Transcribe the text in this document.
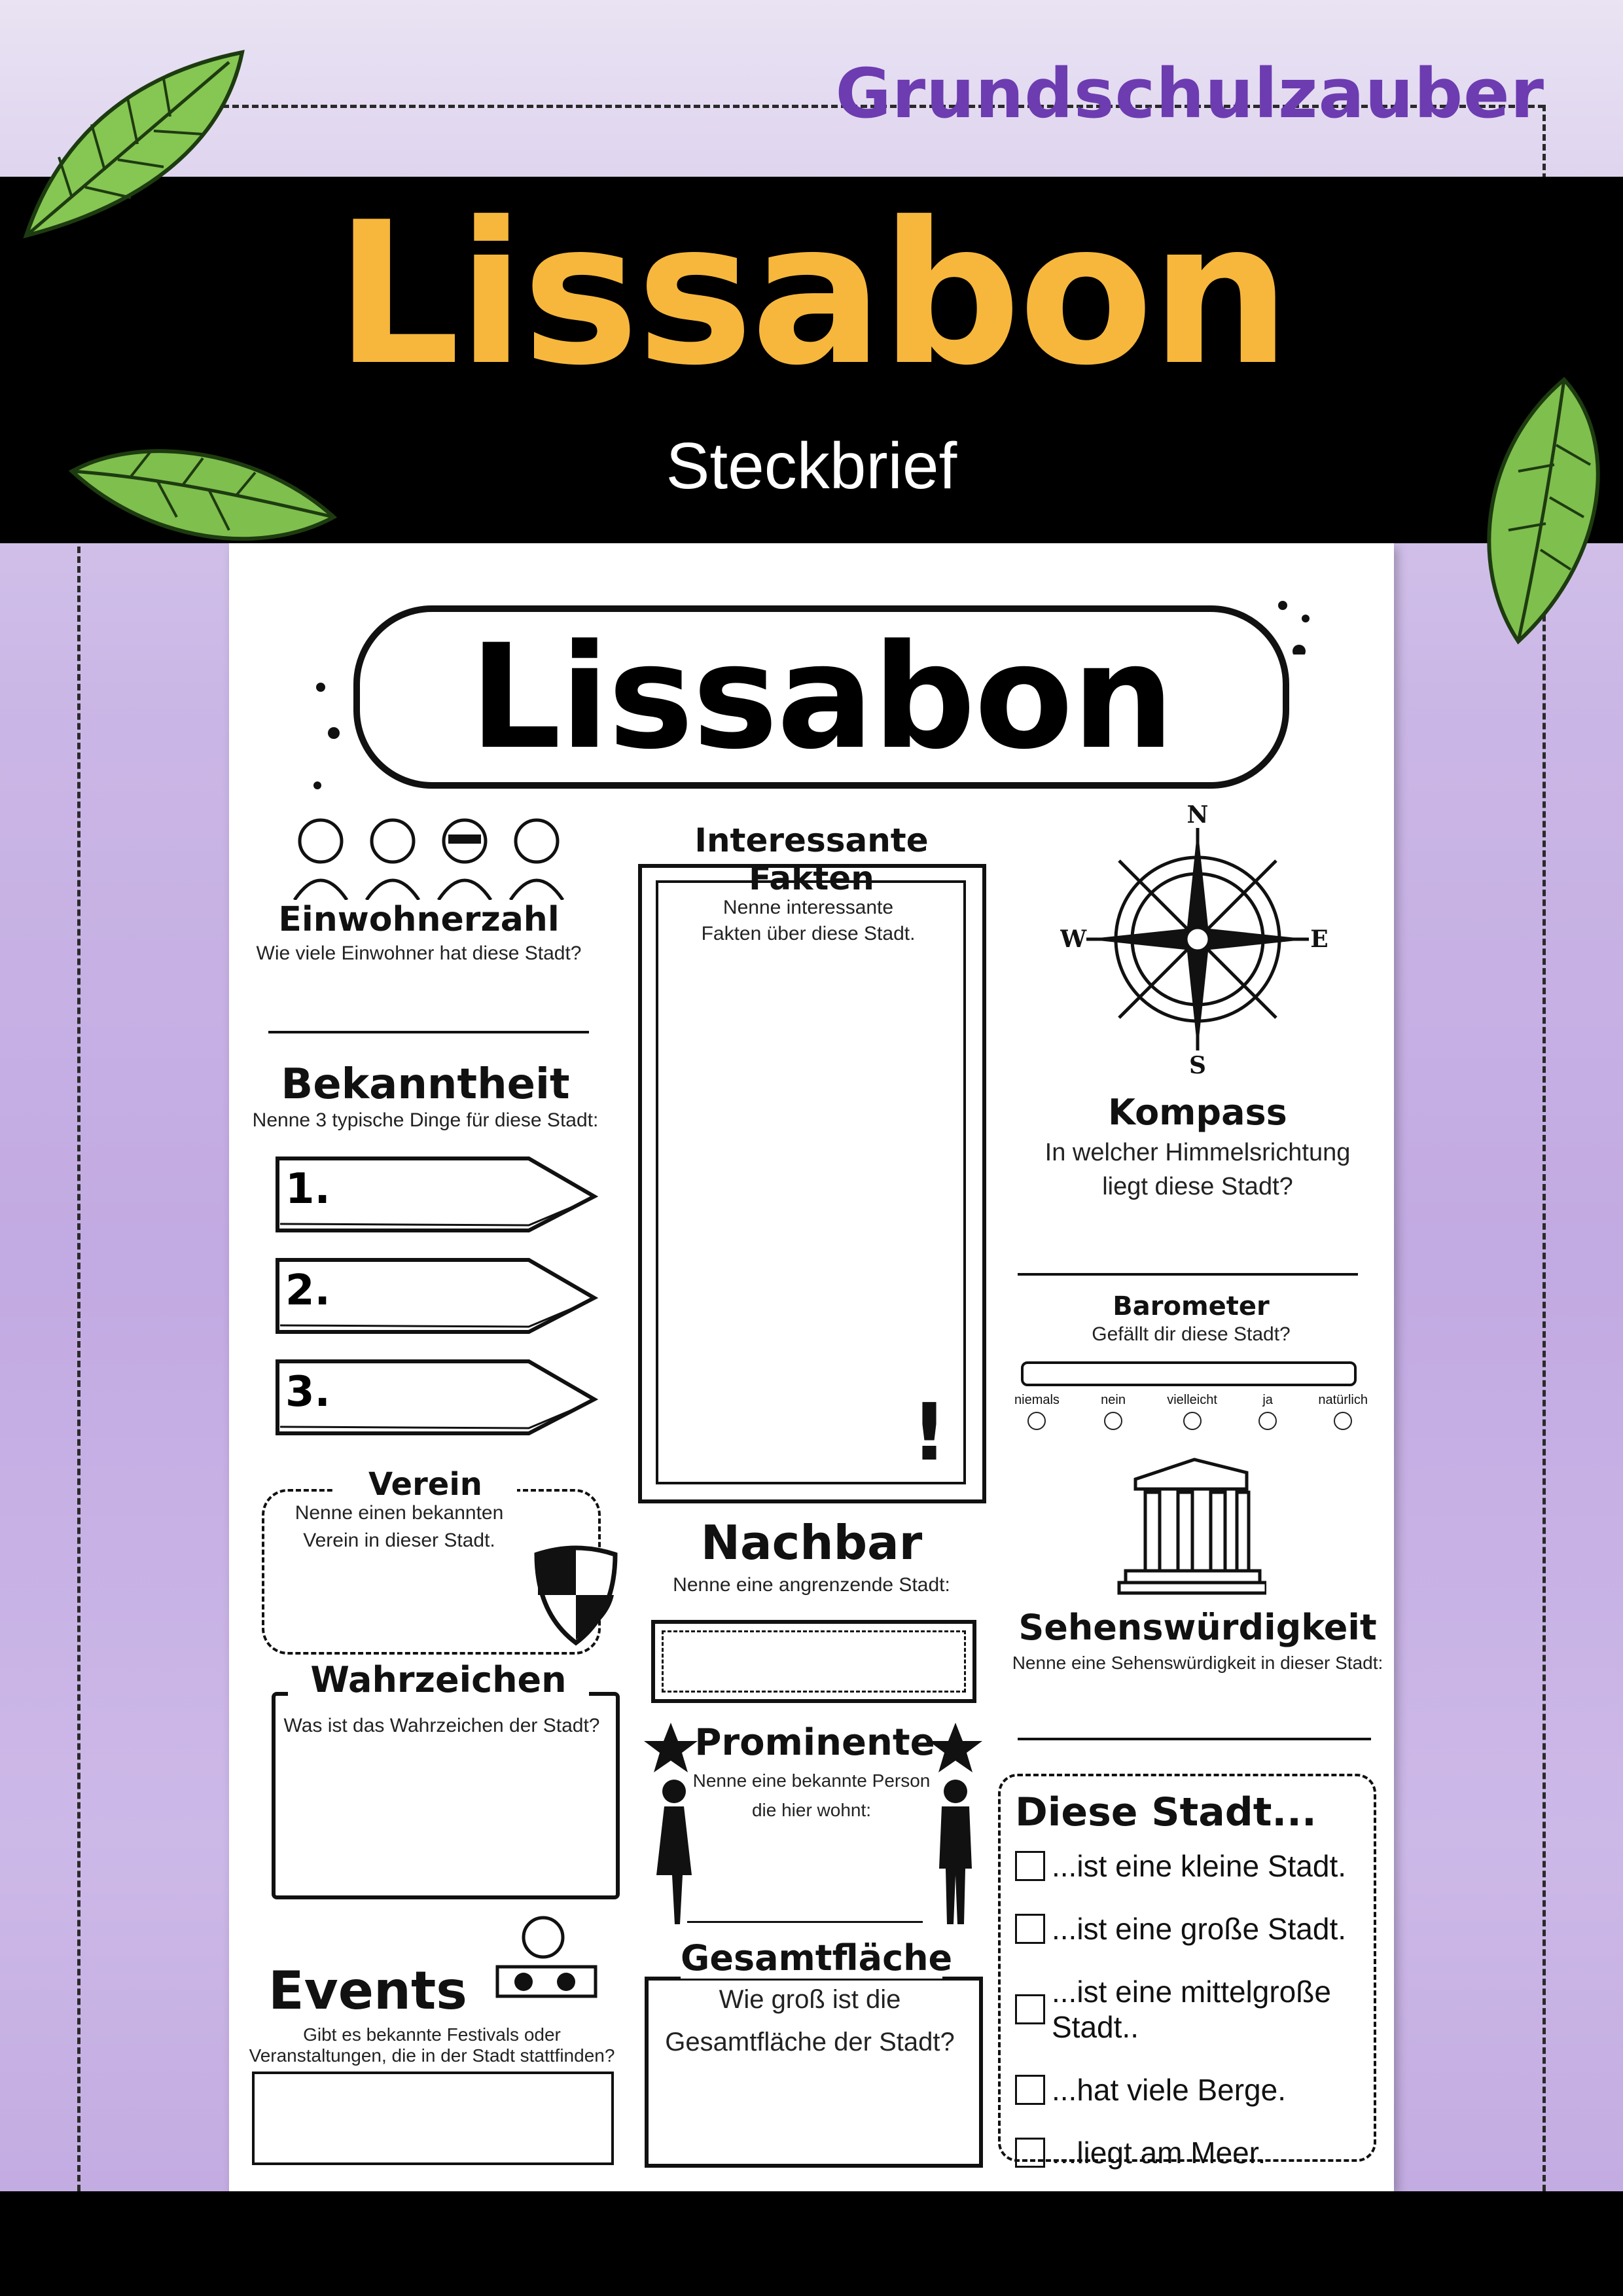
Grundschulzauber
Lissabon
Steckbrief
Lissabon
Einwohnerzahl
Wie viele Einwohner hat diese Stadt?
Bekanntheit
Nenne 3 typische Dinge für diese Stadt:
1.
2.
3.
Verein
Nenne einen bekannten
Verein in dieser Stadt.
Wahrzeichen
Was ist das Wahrzeichen der Stadt?
Events
Gibt es bekannte Festivals oder
Veranstaltungen, die in der Stadt stattfinden?
Interessante Fakten
Nenne interessante
Fakten über diese Stadt.
!
Nachbar
Nenne eine angrenzende Stadt:
Prominente
Nenne eine bekannte Person
die hier wohnt:
Gesamtfläche
Wie groß ist die
Gesamtfläche der Stadt?
N
E
S
W
Kompass
In welcher Himmelsrichtung
liegt diese Stadt?
Barometer
Gefällt dir diese Stadt?
niemals	nein	vielleicht	ja	natürlich
Sehenswürdigkeit
Nenne eine Sehenswürdigkeit in dieser Stadt:
Diese Stadt...
...ist eine kleine Stadt.
...ist eine große Stadt.
...ist eine mittelgroße Stadt..
...hat viele Berge.
...liegt am Meer.
